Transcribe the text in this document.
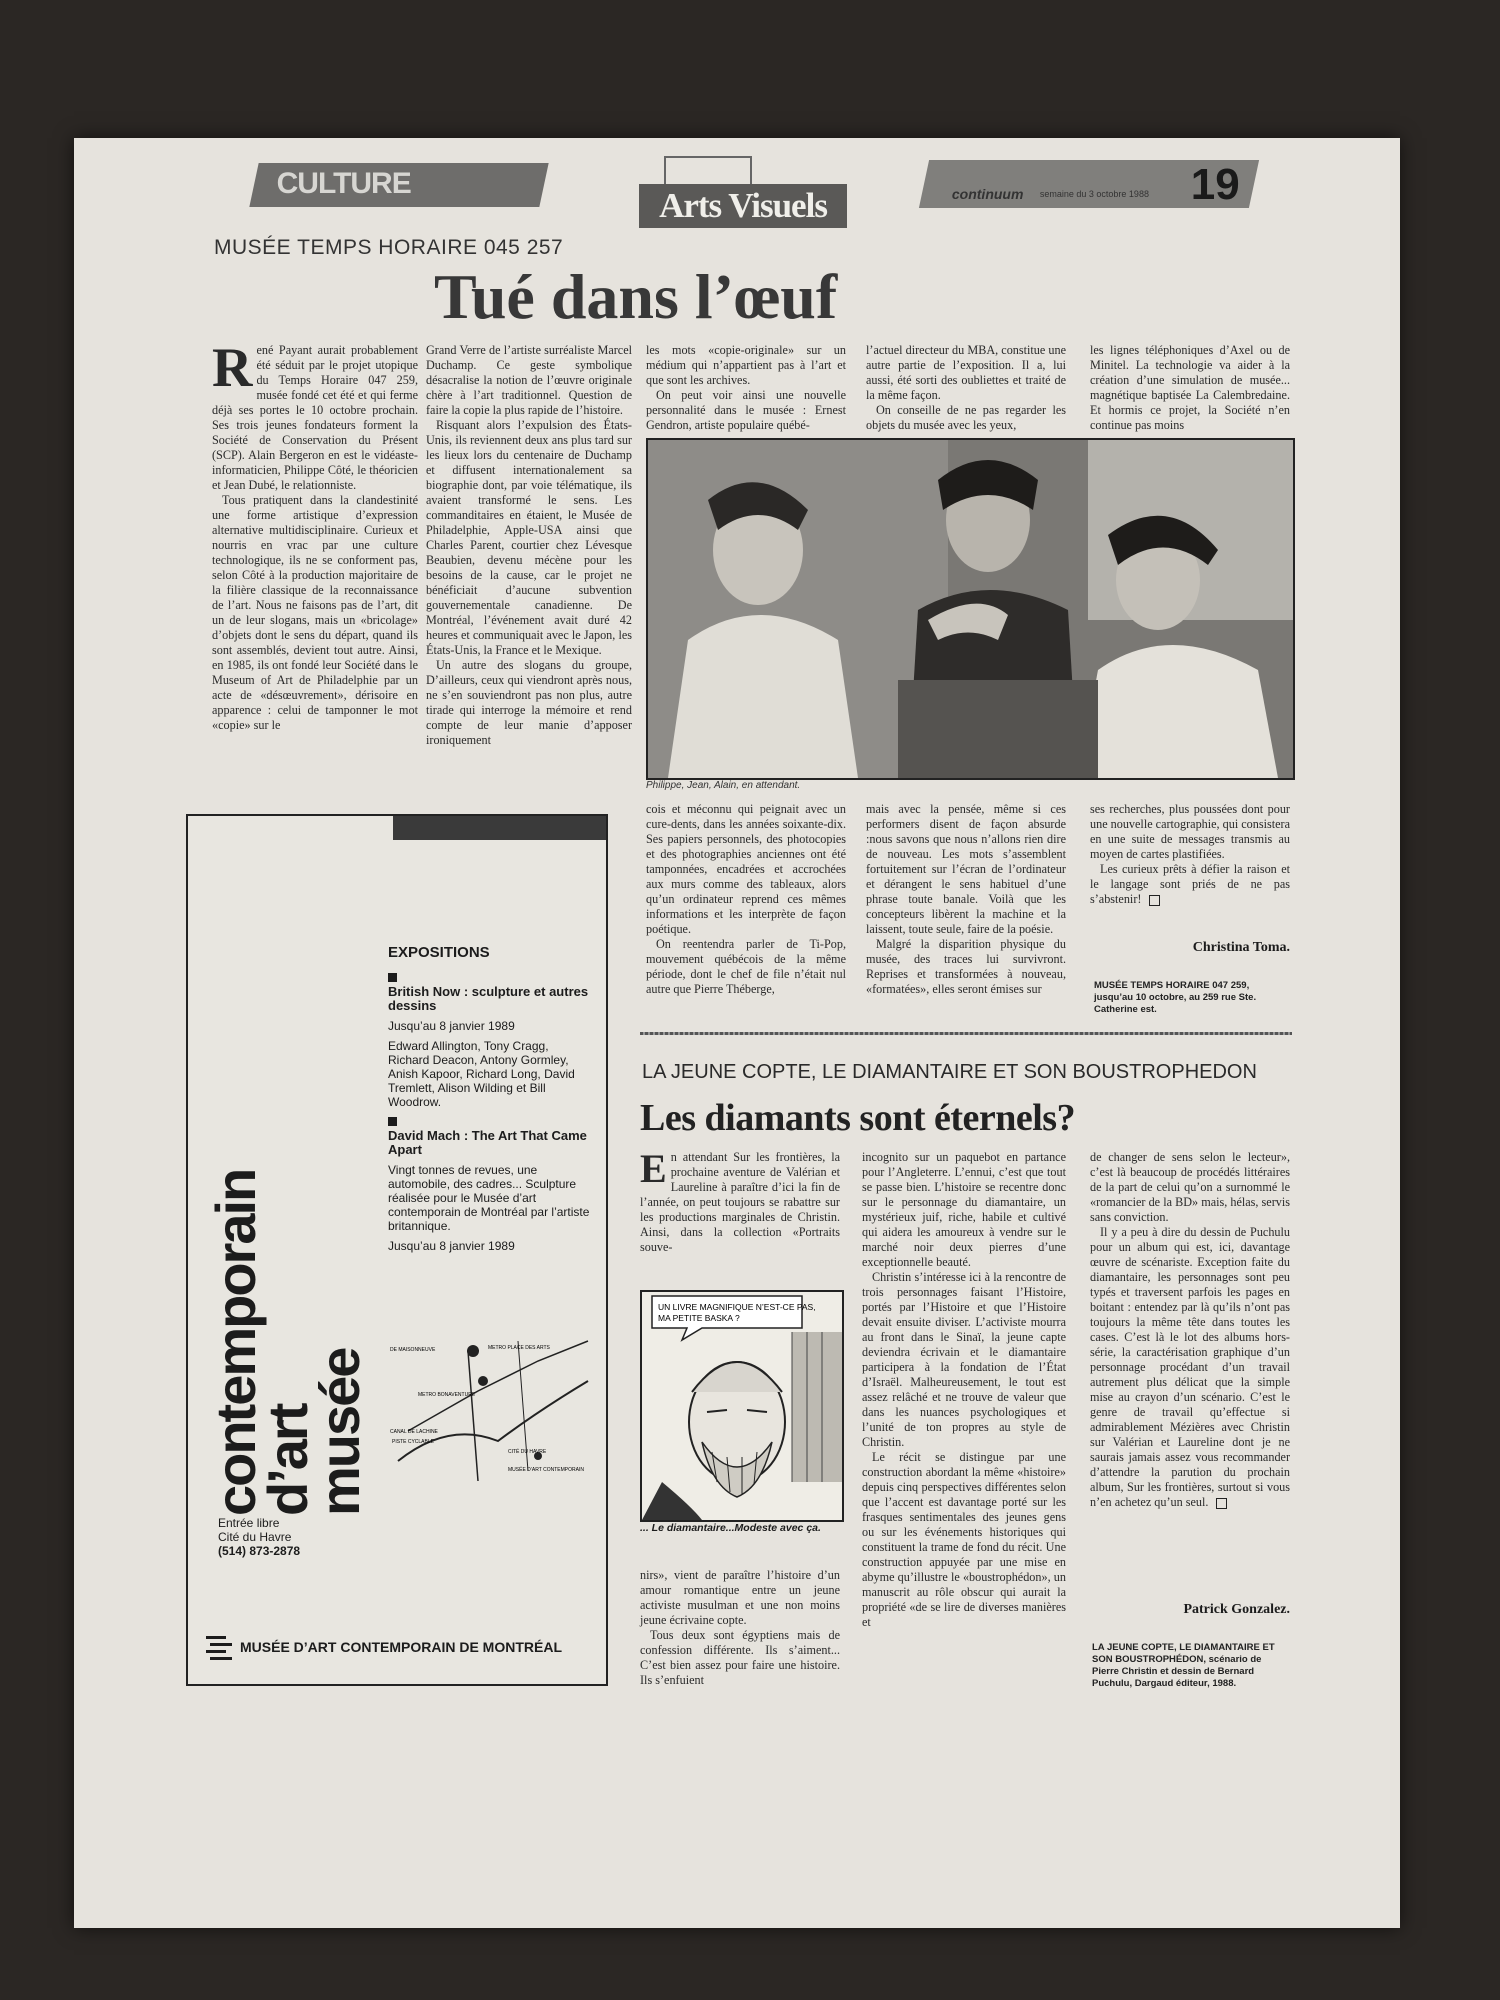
CULTURE
Arts Visuels	continuum semaine du 3 octobre 1988 19
MUSÉE TEMPS HORAIRE 045 257
Tué dans l’œuf
R ené Payant aurait probablement été séduit par le projet utopique du Temps Horaire 047 259, musée fondé cet été et qui ferme déjà ses portes le 10 octobre prochain. Ses trois jeunes fondateurs forment la Société de Conservation du Présent (SCP). Alain Bergeron en est le vidéaste-informaticien, Philippe Côté, le théoricien et Jean Dubé, le relationniste.

Tous pratiquent dans la clandestinité une forme artistique d’expression alternative multidisciplinaire. Curieux et nourris en vrac par une culture technologique, ils ne se conforment pas, selon Côté à la production majoritaire de la filière classique de la reconnaissance de l’art. Nous ne faisons pas de l’art, dit un de leur slogans, mais un «bricolage» d’objets dont le sens du départ, quand ils sont assemblés, devient tout autre. Ainsi, en 1985, ils ont fondé leur Société dans le Museum of Art de Philadelphie par un acte de «désœuvrement», dérisoire en apparence : celui de tamponner le mot «copie» sur le

Grand Verre de l’artiste surréaliste Marcel Duchamp. Ce geste symbolique désacralise la notion de l’œuvre originale chère à l’art traditionnel. Question de faire la copie la plus rapide de l’histoire.

Risquant alors l’expulsion des États-Unis, ils reviennent deux ans plus tard sur les lieux lors du centenaire de Duchamp et diffusent internationalement sa biographie dont, par voie télématique, ils avaient transformé le sens. Les commanditaires en étaient, le Musée de Philadelphie, Apple-USA ainsi que Charles Parent, courtier chez Lévesque Beaubien, devenu mécène pour les besoins de la cause, car le projet ne bénéficiait d’aucune subvention gouvernementale canadienne. De Montréal, l’événement avait duré 42 heures et communiquait avec le Japon, les États-Unis, la France et le Mexique.

Un autre des slogans du groupe, D’ailleurs, ceux qui viendront après nous, ne s’en souviendront pas non plus, autre tirade qui interroge la mémoire et rend compte de leur manie d’apposer ironiquement

les mots «copie-originale» sur un médium qui n’appartient pas à l’art et que sont les archives.

On peut voir ainsi une nouvelle personnalité dans le musée : Ernest Gendron, artiste populaire québé-

l’actuel directeur du MBA, constitue une autre partie de l’exposition. Il a, lui aussi, été sorti des oubliettes et traité de la même façon.

On conseille de ne pas regarder les objets du musée avec les yeux,

les lignes téléphoniques d’Axel ou de Minitel. La technologie va aider à la création d’une simulation de musée... magnétique baptisée La Calembredaine. Et hormis ce projet, la Société n’en continue pas moins

Philippe, Jean, Alain, en attendant.

cois et méconnu qui peignait avec un cure-dents, dans les années soixante-dix. Ses papiers personnels, des photocopies et des photographies anciennes ont été tamponnées, encadrées et accrochées aux murs comme des tableaux, alors qu’un ordinateur reprend ces mêmes informations et les interprète de façon poétique.

On reentendra parler de Ti-Pop, mouvement québécois de la même période, dont le chef de file n’était nul autre que Pierre Théberge,

mais avec la pensée, même si ces performers disent de façon absurde :nous savons que nous n’allons rien dire de nouveau. Les mots s’assemblent fortuitement sur l’écran de l’ordinateur et dérangent le sens habituel d’une phrase toute banale. Voilà que les concepteurs libèrent la machine et la laissent, toute seule, faire de la poésie.

Malgré la disparition physique du musée, des traces lui survivront. Reprises et transformées à nouveau, «formatées», elles seront émises sur

ses recherches, plus poussées dont pour une nouvelle cartographie, qui consistera en une suite de messages transmis au moyen de cartes plastifiées.

Les curieux prêts à défier la raison et le langage sont priés de ne pas s’abstenir!

Christina Toma.
MUSÉE TEMPS HORAIRE 047 259, jusqu’au 10 octobre, au 259 rue Ste. Catherine est.
contemporain
d’art
musée
EXPOSITIONS
British Now : sculpture et autres dessins
Jusqu’au 8 janvier 1989
Edward Allington, Tony Cragg, Richard Deacon, Antony Gormley, Anish Kapoor, Richard Long, David Tremlett, Alison Wilding et Bill Woodrow.
David Mach : The Art That Came Apart
Vingt tonnes de revues, une automobile, des cadres... Sculpture réalisée pour le Musée d’art contemporain de Montréal par l’artiste britannique.
Jusqu’au 8 janvier 1989
DE MAISONNEUVE	METRO PLACE DES ARTS
METRO BONAVENTURE
CANAL DE LACHINE
PISTE CYCLABLE
CITÉ DU HAVRE
MUSÉE D’ART CONTEMPORAIN
Entrée libre
Cité du Havre
(514) 873-2878
MUSÉE D’ART CONTEMPORAIN DE MONTRÉAL
LA JEUNE COPTE, LE DIAMANTAIRE ET SON BOUSTROPHEDON
Les diamants sont éternels?
E n attendant Sur les frontières, la prochaine aventure de Valérian et Laureline à paraître d’ici la fin de l’année, on peut toujours se rabattre sur les productions marginales de Christin. Ainsi, dans la collection «Portraits souve-

UN LIVRE MAGNIFIQUE N’EST-CE PAS, MA PETITE BASKA ?
... Le diamantaire...Modeste avec ça.

nirs», vient de paraître l’histoire d’un amour romantique entre un jeune activiste musulman et une non moins jeune écrivaine copte.

Tous deux sont égyptiens mais de confession différente. Ils s’aiment... C’est bien assez pour faire une histoire. Ils s’enfuient

incognito sur un paquebot en partance pour l’Angleterre. L’ennui, c’est que tout se passe bien. L’histoire se recentre donc sur le personnage du diamantaire, un mystérieux juif, riche, habile et cultivé qui aidera les amoureux à vendre sur le marché noir deux pierres d’une exceptionnelle beauté.

Christin s’intéresse ici à la rencontre de trois personnages faisant l’Histoire, portés par l’Histoire et que l’Histoire devait ensuite diviser. L’activiste mourra au front dans le Sinaï, la jeune capte deviendra écrivain et le diamantaire participera à la fondation de l’État d’Israël. Malheureusement, le tout est assez relâché et ne trouve de valeur que dans les nuances psychologiques et l’unité de ton propres au style de Christin.

Le récit se distingue par une construction abordant la même «histoire» depuis cinq perspectives différentes selon que l’accent est davantage porté sur les frasques sentimentales des jeunes gens ou sur les événements historiques qui constituent la trame de fond du récit. Une construction appuyée par une mise en abyme qu’illustre le «boustrophédon», un manuscrit au rôle obscur qui aurait la propriété «de se lire de diverses manières et

de changer de sens selon le lecteur», c’est là beaucoup de procédés littéraires de la part de celui qu’on a surnommé le «romancier de la BD» mais, hélas, servis sans conviction.

Il y a peu à dire du dessin de Puchulu pour un album qui est, ici, davantage œuvre de scénariste. Exception faite du diamantaire, les personnages sont peu typés et traversent parfois les pages en boitant : entendez par là qu’ils n’ont pas toujours la même tête dans toutes les cases. C’est là le lot des albums hors-série, la caractérisation graphique d’un personnage procédant d’un travail autrement plus délicat que la simple mise au crayon d’un scénario. C’est le genre de travail qu’effectue si admirablement Mézières avec Christin sur Valérian et Laureline dont je ne saurais jamais assez vous recommander d’attendre la parution du prochain album, Sur les frontières, surtout si vous n’en achetez qu’un seul.

Patrick Gonzalez.
LA JEUNE COPTE, LE DIAMANTAIRE ET SON BOUSTROPHÉDON, scénario de Pierre Christin et dessin de Bernard Puchulu, Dargaud éditeur, 1988.
